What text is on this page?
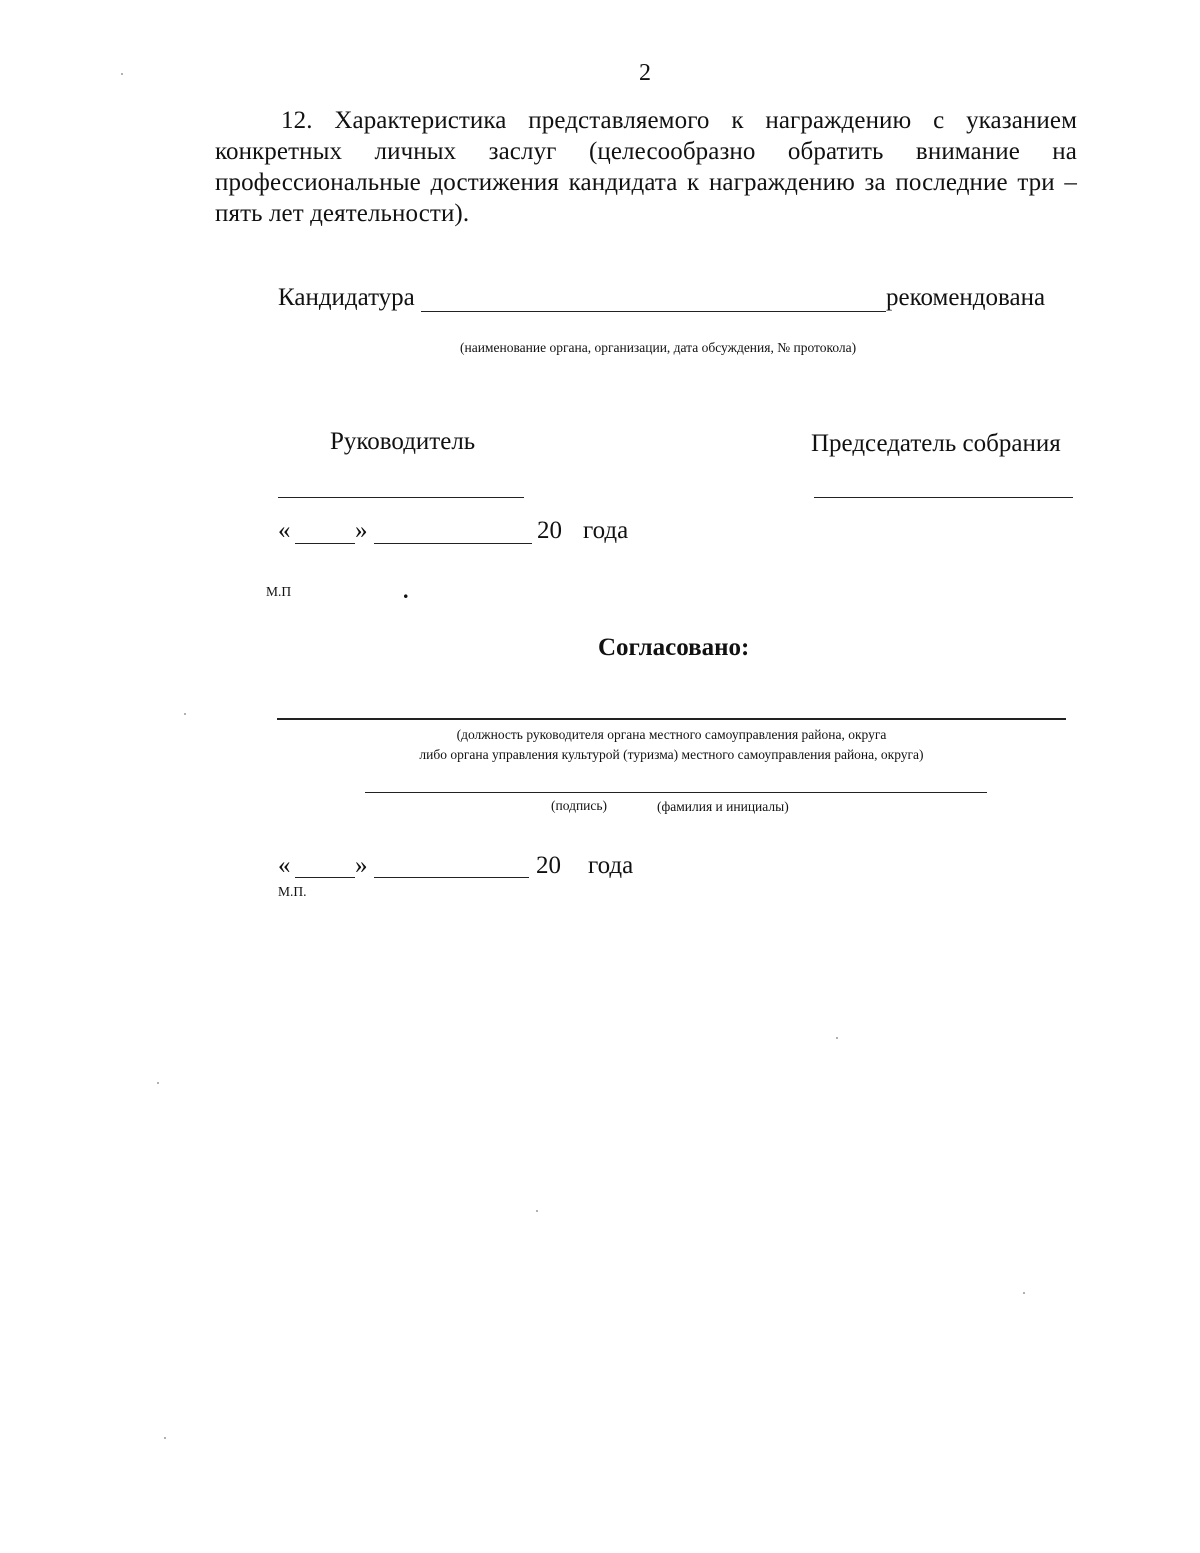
2
12. Характеристика представляемого к награждению с указанием конкретных личных заслуг (целесообразно обратить внимание на профессиональные достижения кандидата к награждению за последние три – пять лет деятельности).
Кандидатура	рекомендована
(наименование органа, организации, дата обсуждения, № протокола)
Руководитель	Председатель собрания
«	»	20 года
М.П	.
Согласовано:
(должность руководителя органа местного самоуправления района, округа
либо органа управления культурой (туризма) местного самоуправления района, округа)
(подпись)	(фамилия и инициалы)
«	»	20 года
М.П.
